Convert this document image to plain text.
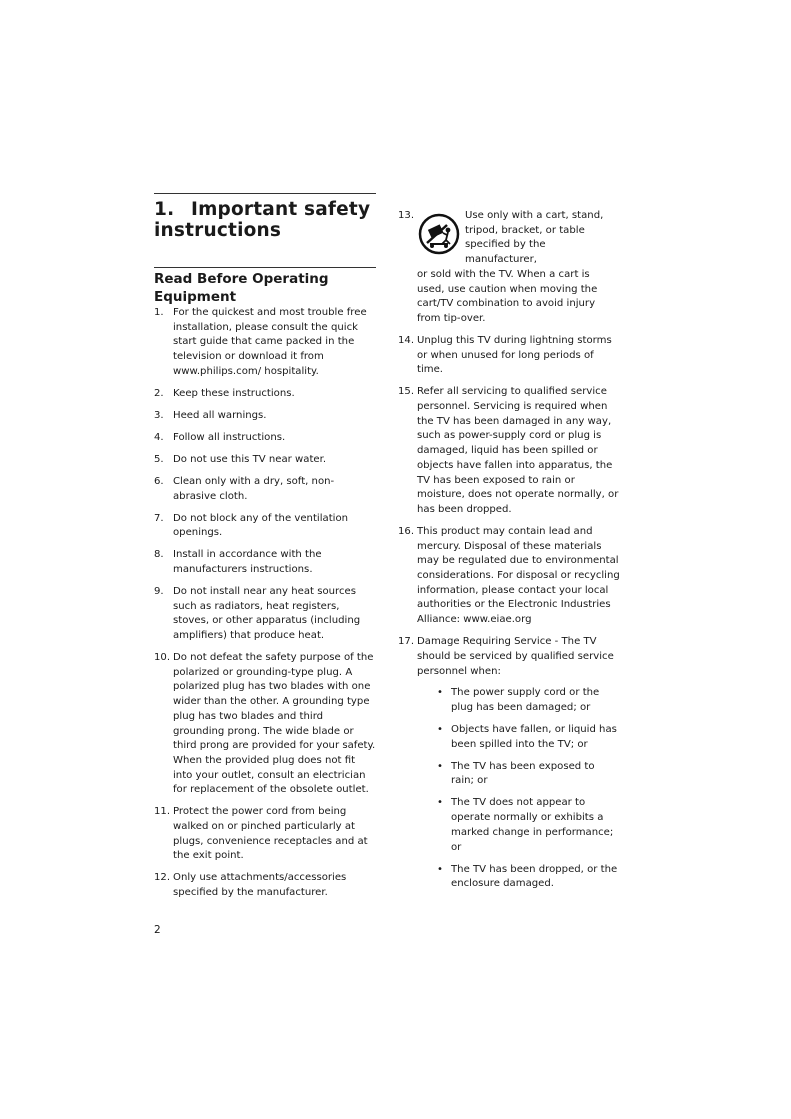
1. Important safety instructions
Read Before Operating Equipment
1. For the quickest and most trouble free installation, please consult the quick start guide that came packed in the television or download it from www.philips.com/ hospitality.
2. Keep these instructions.
3. Heed all warnings.
4. Follow all instructions.
5. Do not use this TV near water.
6. Clean only with a dry, soft, non-abrasive cloth.
7. Do not block any of the ventilation openings.
8. Install in accordance with the manufacturers instructions.
9. Do not install near any heat sources such as radiators, heat registers, stoves, or other apparatus (including amplifiers) that produce heat.
10. Do not defeat the safety purpose of the polarized or grounding-type plug. A polarized plug has two blades with one wider than the other. A grounding type plug has two blades and third grounding prong. The wide blade or third prong are provided for your safety. When the provided plug does not fit into your outlet, consult an electrician for replacement of the obsolete outlet.
11. Protect the power cord from being walked on or pinched particularly at plugs, convenience receptacles and at the exit point.
12. Only use attachments/accessories specified by the manufacturer.
13.	Use only with a cart, stand, tripod, bracket, or table specified by the manufacturer,
or sold with the TV. When a cart is used, use caution when moving the cart/TV combination to avoid injury from tip-over.
14. Unplug this TV during lightning storms or when unused for long periods of time.
15. Refer all servicing to qualified service personnel. Servicing is required when the TV has been damaged in any way, such as power-supply cord or plug is damaged, liquid has been spilled or objects have fallen into apparatus, the TV has been exposed to rain or moisture, does not operate normally, or has been dropped.
16. This product may contain lead and mercury. Disposal of these materials may be regulated due to environmental considerations. For disposal or recycling information, please contact your local authorities or the Electronic Industries Alliance: www.eiae.org
17. Damage Requiring Service - The TV should be serviced by qualified service personnel when:
• The power supply cord or the plug has been damaged; or
• Objects have fallen, or liquid has been spilled into the TV; or
• The TV has been exposed to rain; or
• The TV does not appear to operate normally or exhibits a marked change in performance; or
• The TV has been dropped, or the enclosure damaged.
2
